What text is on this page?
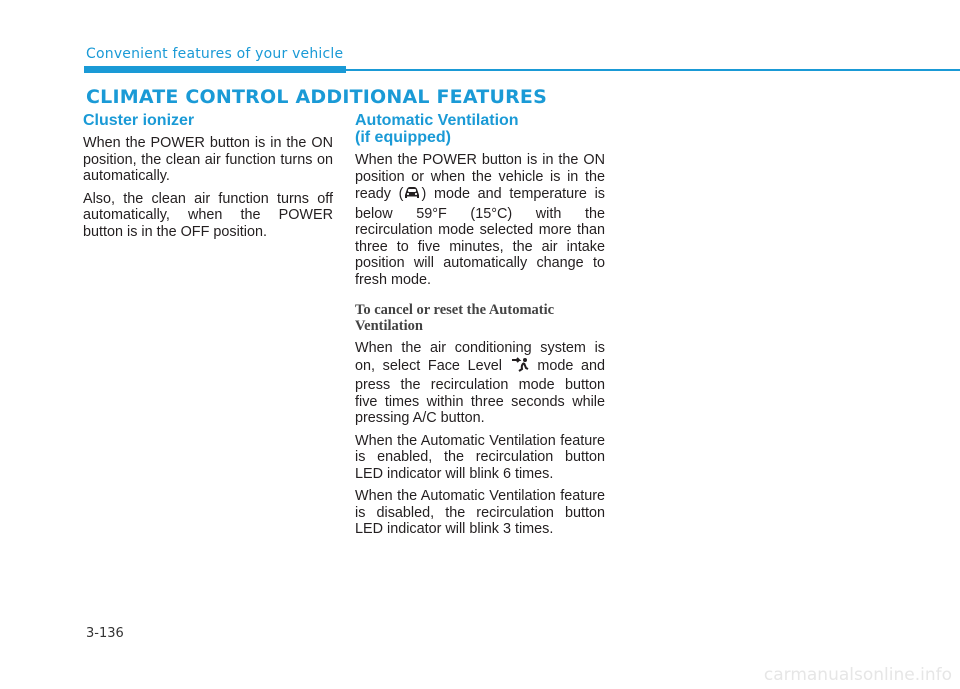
Convenient features of your vehicle
CLIMATE CONTROL ADDITIONAL FEATURES
Cluster ionizer

When the POWER button is in the ON position, the clean air function turns on automatically.

Also, the clean air function turns off automatically, when the POWER button is in the OFF position.

Automatic Ventilation
(if equipped)

When the POWER button is in the ON position or when the vehicle is in the ready ( ) mode and temperature is below 59°F (15°C) with the recirculation mode selected more than three to five minutes, the air intake position will automatically change to fresh mode.

To cancel or reset the Automatic Ventilation

When the air conditioning system is on, select Face Level mode and press the recirculation mode button five times within three seconds while pressing A/C button.

When the Automatic Ventilation feature is enabled, the recirculation button LED indicator will blink 6 times.

When the Automatic Ventilation feature is disabled, the recirculation button LED indicator will blink 3 times.

3-136
carmanualsonline.info
